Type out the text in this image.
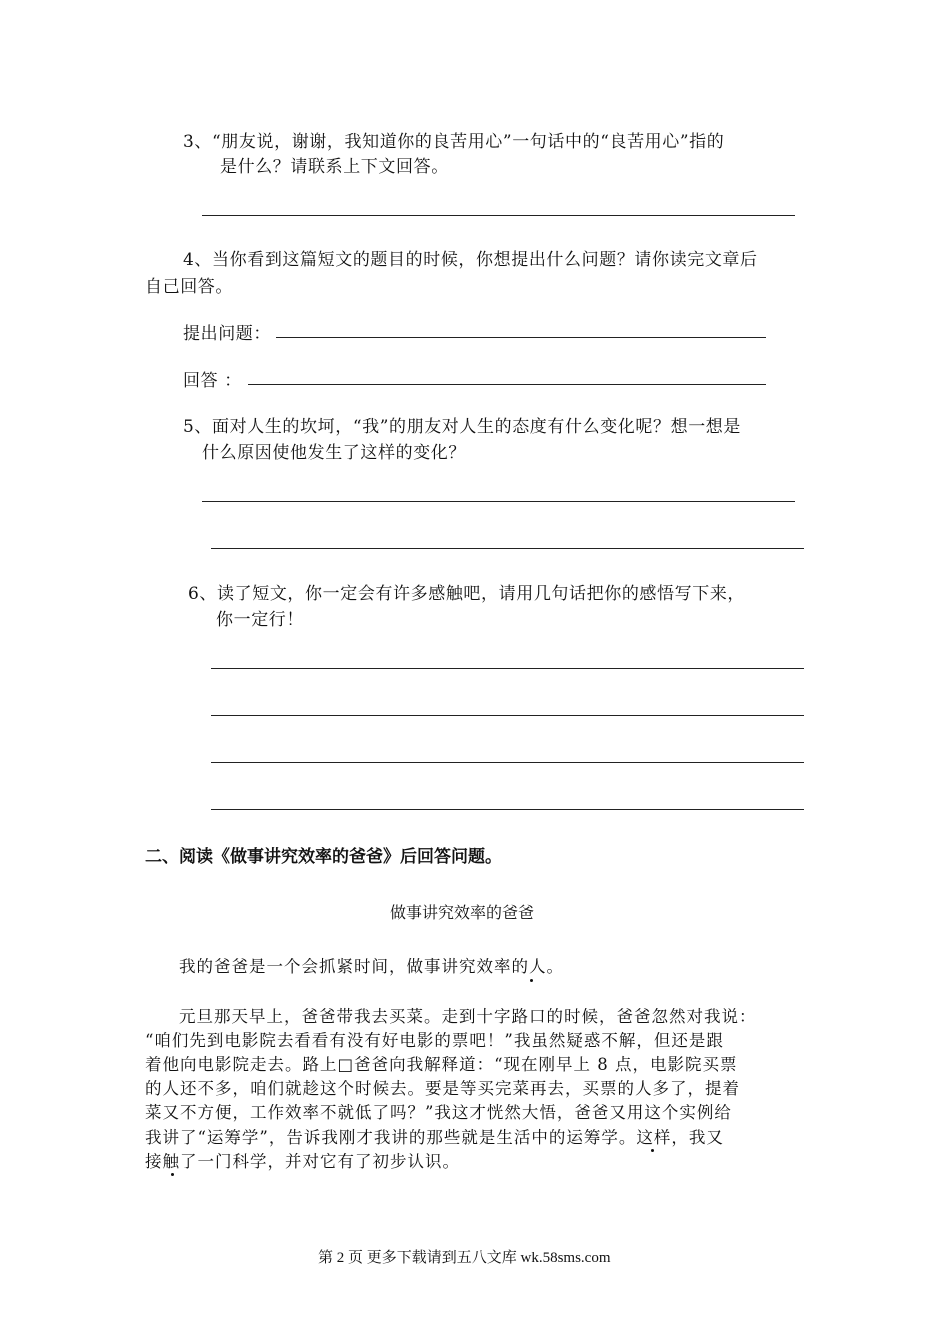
3、“朋友说，谢谢，我知道你的良苦用心”一句话中的“良苦用心”指的
是什么？请联系上下文回答。
4、当你看到这篇短文的题目的时候，你想提出什么问题？请你读完文章后
自己回答。
提出问题：
回答 ：
5、面对人生的坎坷，“我”的朋友对人生的态度有什么变化呢？想一想是
什么原因使他发生了这样的变化？
6、读了短文，你一定会有许多感触吧，请用几句话把你的感悟写下来，
你一定行！
二、阅读《做事讲究效率的爸爸》后回答问题。
做事讲究效率的爸爸
我的爸爸是一个会抓紧时间，做事讲究效率的人。
元旦那天早上，爸爸带我去买菜。走到十字路口的时候，爸爸忽然对我说：
“咱们先到电影院去看看有没有好电影的票吧！”我虽然疑惑不解，但还是跟
着他向电影院走去。路上□爸爸向我解释道：“现在刚早上 8 点，电影院买票
的人还不多，咱们就趁这个时候去。要是等买完菜再去，买票的人多了，提着
菜又不方便，工作效率不就低了吗？”我这才恍然大悟，爸爸又用这个实例给
我讲了“运筹学”，告诉我刚才我讲的那些就是生活中的运筹学。这样，我又
接触了一门科学，并对它有了初步认识。
第 2 页 更多下载请到五八文库 wk.58sms.com
